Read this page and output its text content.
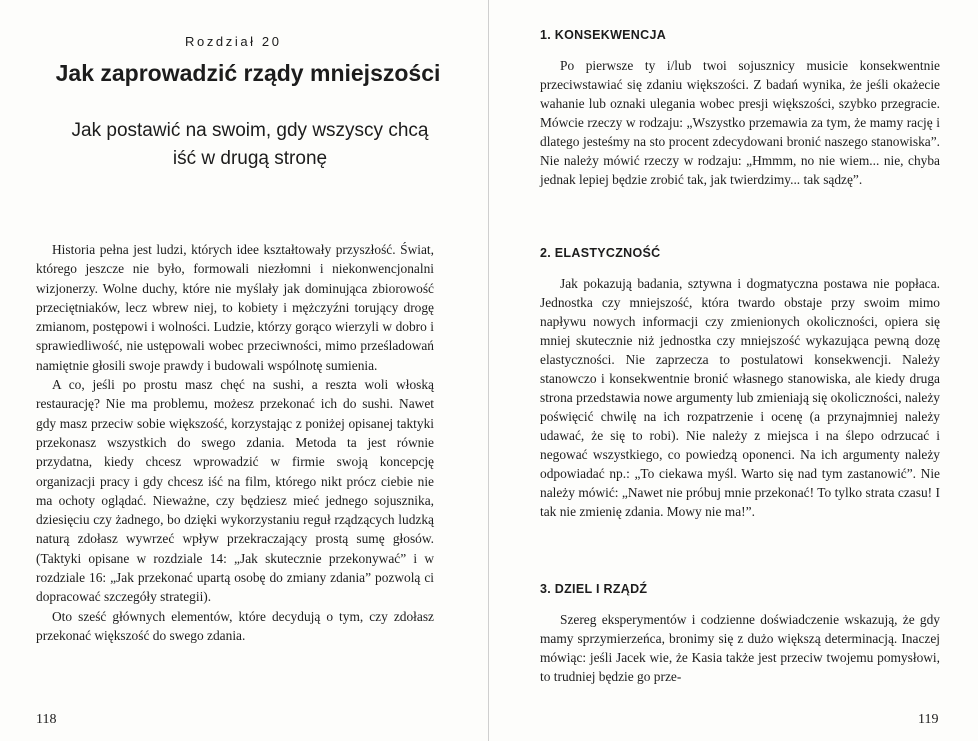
Rozdział 20
Jak zaprowadzić rządy mniejszości
Jak postawić na swoim, gdy wszyscy chcą
iść w drugą stronę

Historia pełna jest ludzi, których idee kształtowały przyszłość. Świat, którego jeszcze nie było, formowali niezłomni i niekonwencjonalni wizjonerzy. Wolne duchy, które nie myślały jak dominująca zbiorowość przeciętniaków, lecz wbrew niej, to kobiety i mężczyźni torujący drogę zmianom, postępowi i wolności. Ludzie, którzy gorąco wierzyli w dobro i sprawiedliwość, nie ustępowali wobec przeciwności, mimo prześladowań namiętnie głosili swoje prawdy i budowali wspólnotę sumienia.

A co, jeśli po prostu masz chęć na sushi, a reszta woli włoską restaurację? Nie ma problemu, możesz przekonać ich do sushi. Nawet gdy masz przeciw sobie większość, korzystając z poniżej opisanej taktyki przekonasz wszystkich do swego zdania. Metoda ta jest równie przydatna, kiedy chcesz wprowadzić w firmie swoją koncepcję organizacji pracy i gdy chcesz iść na film, którego nikt prócz ciebie nie ma ochoty oglądać. Nieważne, czy będziesz mieć jednego sojusznika, dziesięciu czy żadnego, bo dzięki wykorzystaniu reguł rządzących ludzką naturą zdołasz wywrzeć wpływ przekraczający prostą sumę głosów. (Taktyki opisane w rozdziale 14: „Jak skutecznie przekonywać” i w rozdziale 16: „Jak przekonać upartą osobę do zmiany zdania” pozwolą ci dopracować szczegóły strategii).

Oto sześć głównych elementów, które decydują o tym, czy zdołasz przekonać większość do swego zdania.

118
1. KONSEKWENCJA
Po pierwsze ty i/lub twoi sojusznicy musicie konsekwentnie przeciwstawiać się zdaniu większości. Z badań wynika, że jeśli okażecie wahanie lub oznaki ulegania wobec presji większości, szybko przegracie. Mówcie rzeczy w rodzaju: „Wszystko przemawia za tym, że mamy rację i dlatego jesteśmy na sto procent zdecydowani bronić naszego stanowiska”. Nie należy mówić rzeczy w rodzaju: „Hmmm, no nie wiem... nie, chyba jednak lepiej będzie zrobić tak, jak twierdzimy... tak sądzę”.
2. ELASTYCZNOŚĆ
Jak pokazują badania, sztywna i dogmatyczna postawa nie popłaca. Jednostka czy mniejszość, która twardo obstaje przy swoim mimo napływu nowych informacji czy zmienionych okoliczności, opiera się mniej skutecznie niż jednostka czy mniejszość wykazująca pewną dozę elastyczności. Nie zaprzecza to postulatowi konsekwencji. Należy stanowczo i konsekwentnie bronić własnego stanowiska, ale kiedy druga strona przedstawia nowe argumenty lub zmieniają się okoliczności, należy poświęcić chwilę na ich rozpatrzenie i ocenę (a przynajmniej należy udawać, że się to robi). Nie należy z miejsca i na ślepo odrzucać i negować wszystkiego, co powiedzą oponenci. Na ich argumenty należy odpowiadać np.: „To ciekawa myśl. Warto się nad tym zastanowić”. Nie należy mówić: „Nawet nie próbuj mnie przekonać! To tylko strata czasu! I tak nie zmienię zdania. Mowy nie ma!”.
3. DZIEL I RZĄDŹ
Szereg eksperymentów i codzienne doświadczenie wskazują, że gdy mamy sprzymierzeńca, bronimy się z dużo większą determinacją. Inaczej mówiąc: jeśli Jacek wie, że Kasia także jest przeciw twojemu pomysłowi, to trudniej będzie go prze-
119
